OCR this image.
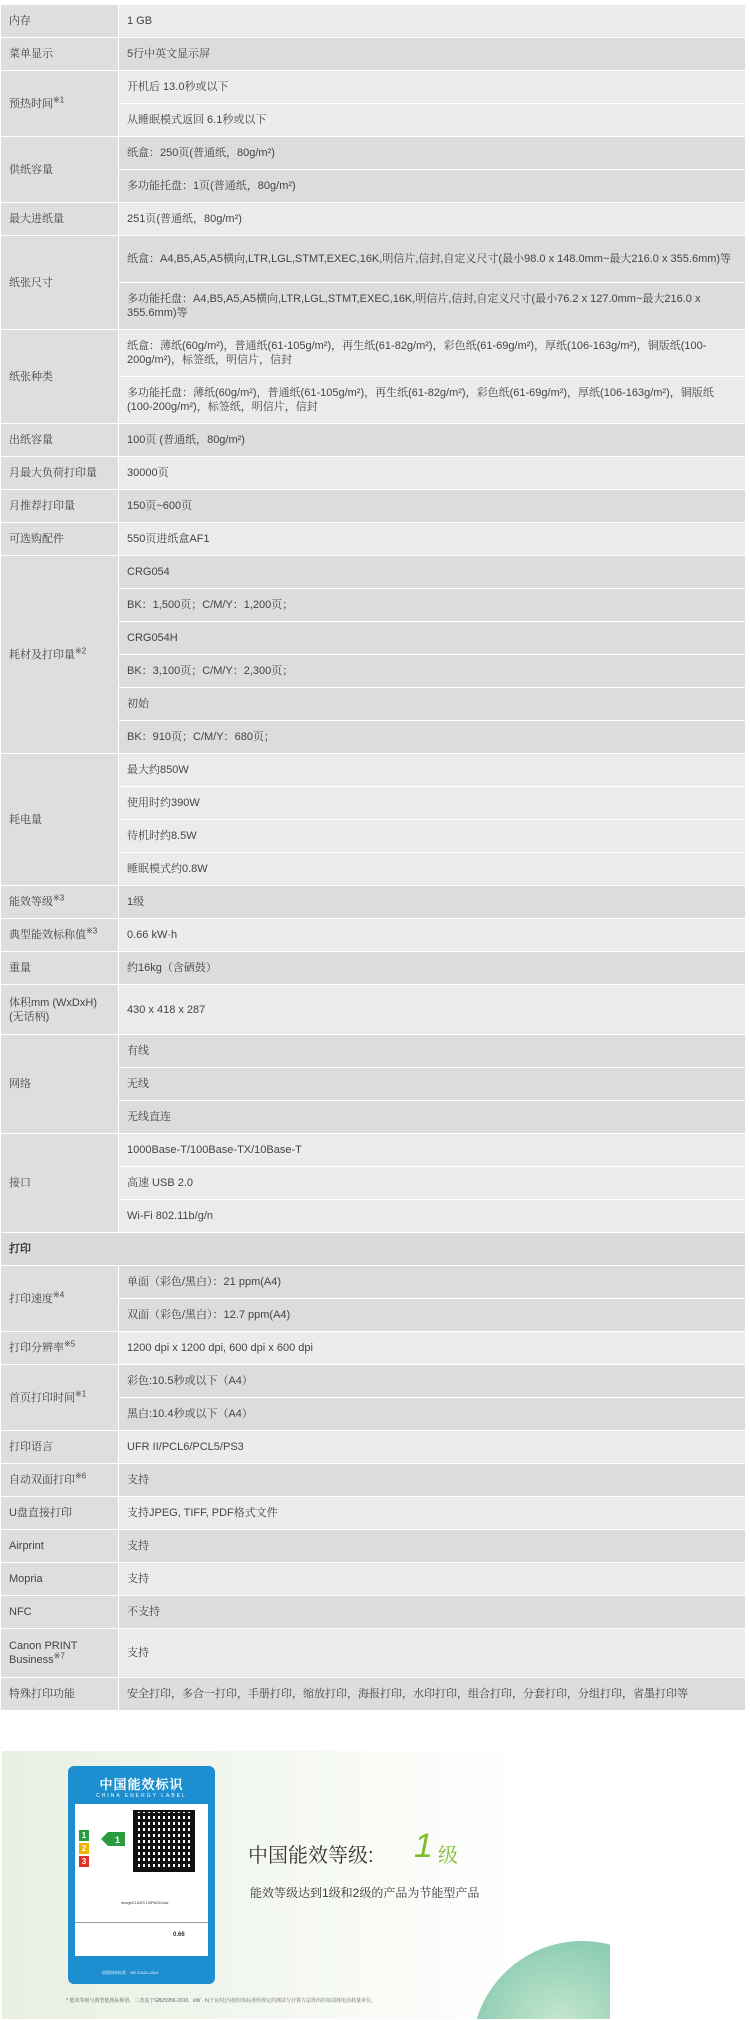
内存	1 GB
菜单显示	5行中英文显示屏
预热时间$^{※1}$	开机后 13.0秒或以下
	从睡眠模式返回 6.1秒或以下
供纸容量	纸盒：250页(普通纸，80g/m²)
	多功能托盘：1页(普通纸，80g/m²)
最大进纸量	251页(普通纸，80g/m²)
纸张尺寸	纸盒：A4,B5,A5,A5横向,LTR,LGL,STMT,EXEC,16K,明信片,信封,自定义尺寸(最小98.0 x 148.0mm~最大216.0 x 355.6mm)等
	多功能托盘：A4,B5,A5,A5横向,LTR,LGL,STMT,EXEC,16K,明信片,信封,自定义尺寸(最小76.2 x 127.0mm~最大216.0 x 355.6mm)等
纸张种类	纸盒：薄纸(60g/m²)，普通纸(61-105g/m²)，再生纸(61-82g/m²)，彩色纸(61-69g/m²)，厚纸(106-163g/m²)，铜版纸(100-200g/m²)，标签纸，明信片，信封
	多功能托盘：薄纸(60g/m²)，普通纸(61-105g/m²)，再生纸(61-82g/m²)，彩色纸(61-69g/m²)，厚纸(106-163g/m²)，铜版纸(100-200g/m²)，标签纸，明信片，信封
出纸容量	100页 (普通纸，80g/m²)
月最大负荷打印量	30000页
月推荐打印量	150页~600页
可选购配件	550页进纸盒AF1
耗材及打印量$^{※2}$	CRG054
	BK：1,500页；C/M/Y：1,200页；
	CRG054H
	BK：3,100页；C/M/Y：2,300页；
	初始
	BK：910页；C/M/Y：680页；
耗电量	最大约850W
	使用时约390W
	待机时约8.5W
	睡眠模式约0.8W
能效等级$^{※3}$	1级
典型能效标称值$^{※3}$	0.66 kW·h
重量	约16kg（含硒鼓）
体积mm (WxDxH)
(无话柄)	430 x 418 x 287
网络	有线
	无线
	无线直连
接口	1000Base-T/100Base-TX/10Base-T
	高速 USB 2.0
	Wi-Fi 802.11b/g/n
打印	
打印速度$^{※4}$	单面（彩色/黑白）：21 ppm(A4)
	双面（彩色/黑白）：12.7 ppm(A4)
打印分辨率$^{※5}$	1200 dpi x 1200 dpi, 600 dpi x 600 dpi
首页打印时间$^{※1}$	彩色:10.5秒或以下（A4）
	黑白:10.4秒或以下（A4）
打印语言	UFR II/PCL6/PCL5/PS3
自动双面打印$^{※6}$	支持
U盘直接打印	支持JPEG, TIFF, PDF格式文件
Airprint	支持
Mopria	支持
NFC	不支持
Canon PRINT
Business$^{※7}$	支持
特殊打印功能	安全打印，多合一打印，手册打印，缩放打印，海报打印，水印打印，组合打印，分套打印，分组打印，省墨打印等
中国能效标识
CHINA ENERGY LABEL
1
2
3
1
imageCLASS LBP623Cdw
0.66
依据国家标准：GB 21521-2014
中国能效等级: 1 级
能效等级达到1级和2级的产品为节能型产品
* 能效等级与典型能耗标称值，二者基于GB25956-2010。kW · h(千瓦时)为按照该标准所规定的测试与计算方法得出的每周耗电消耗量单位。
